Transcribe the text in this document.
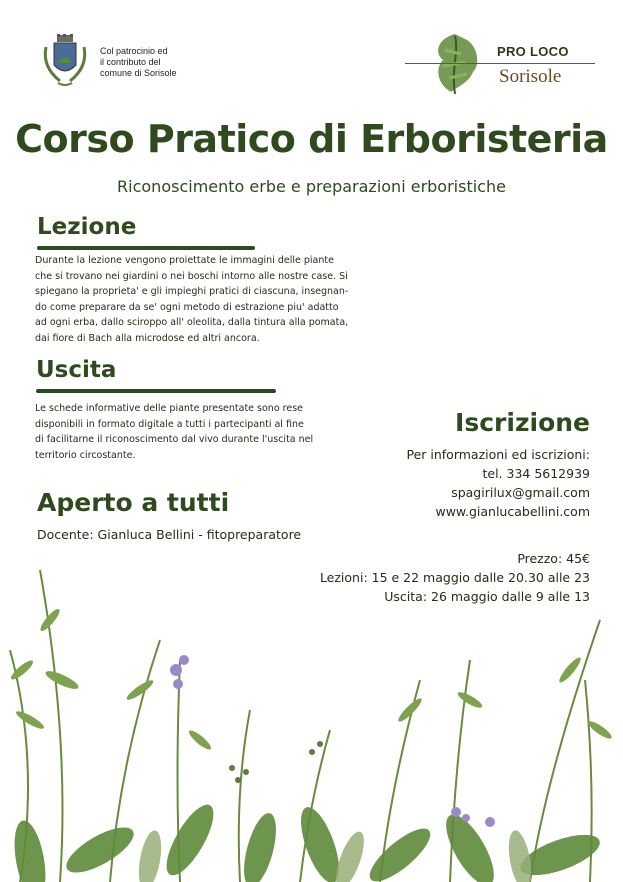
Col patrocinio ed
il contributo del
comune di Sorisole
PRO LOCO
Sorisole
Corso Pratico di Erboristeria
Riconoscimento erbe e preparazioni erboristiche
Lezione
Durante la lezione vengono proiettate le immagini delle piante
che si trovano nei giardini o nei boschi intorno alle nostre case. Si
spiegano la proprieta' e gli impieghi pratici di ciascuna, insegnan-
do come preparare da se' ogni metodo di estrazione piu' adatto
ad ogni erba, dallo sciroppo all' oleolita, dalla tintura alla pomata,
dai fiore di Bach alla microdose ed altri ancora.
Uscita
Le schede informative delle piante presentate sono rese
disponibili in formato digitale a tutti i partecipanti al fine
di facilitarne il riconoscimento dal vivo durante l'uscita nel
territorio circostante.
Iscrizione
Per informazioni ed iscrizioni:
tel. 334 5612939
spagirilux@gmail.com
www.gianlucabellini.com
Aperto a tutti
Docente: Gianluca Bellini - fitopreparatore
Prezzo: 45€
Lezioni: 15 e 22 maggio dalle 20.30 alle 23
Uscita: 26 maggio dalle 9 alle 13
